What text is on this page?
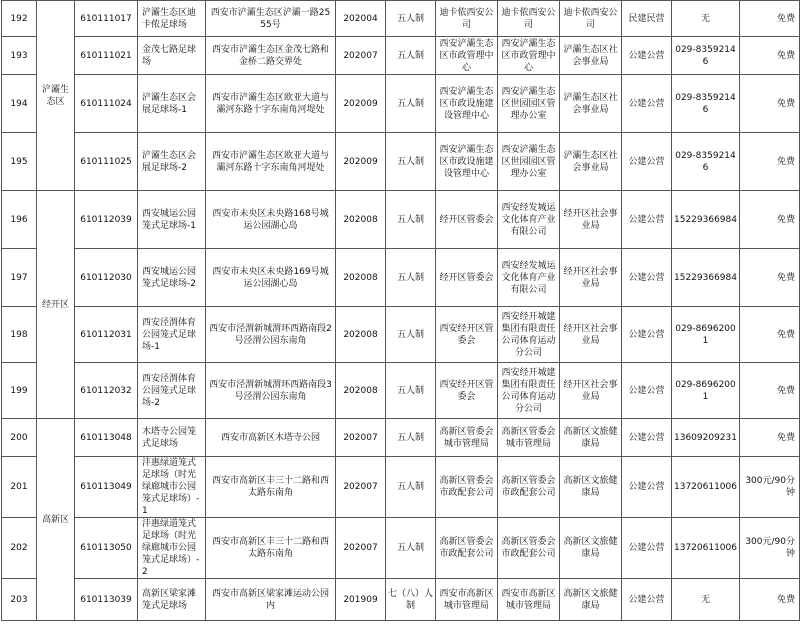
192	浐灞生态区	610111017	浐灞生态区迪卡侬足球场	西安市浐灞生态区浐灞一路2555号	202004	五人制	迪卡侬西安公司	迪卡侬西安公司	迪卡侬西安公司	民建民营	无	免费
193		610111021	金茂七路足球场	西安市浐灞生态区金茂七路和金桥二路交界处	202007	五人制	西安浐灞生态区市政管理中心	西安浐灞生态区市政管理中心	浐灞生态区社会事业局	公建公营	029-83592146	免费
194		610111024	浐灞生态区会展足球场-1	西安市浐灞生态区欧亚大道与灞河东路十字东南角河堤处	202009	五人制	西安浐灞生态区市政设施建设管理中心	西安浐灞生态区世园园区管理办公室	浐灞生态区社会事业局	公建公营	029-83592146	免费
195		610111025	浐灞生态区会展足球场-2	西安市浐灞生态区欧亚大道与灞河东路十字东南角河堤处	202009	五人制	西安浐灞生态区市政设施建设管理中心	西安浐灞生态区世园园区管理办公室	浐灞生态区社会事业局	公建公营	029-83592146	免费
196	经开区	610112039	西安城运公园笼式足球场-1	西安市未央区未央路168号城运公园湖心岛	202008	五人制	经开区管委会	西安经发城运文化体育产业有限公司	经开区社会事业局	公建公营	15229366984	免费
197		610112030	西安城运公园笼式足球场-2	西安市未央区未央路169号城运公园湖心岛	202008	五人制	经开区管委会	西安经发城运文化体育产业有限公司	经开区社会事业局	公建公营	15229366984	免费
198		610112031	西安泾渭体育公园笼式足球场-1	西安市泾渭新城渭环西路南段2号泾渭公园东南角	202008	五人制	西安经开区管委会	西安经开城建集团有限责任公司体育运动分公司	经开区社会事业局	公建公营	029-86962001	免费
199		610112032	西安泾渭体育公园笼式足球场-2	西安市泾渭新城渭环西路南段3号泾渭公园东南角	202008	五人制	西安经开区管委会	西安经开城建集团有限责任公司体育运动分公司	经开区社会事业局	公建公营	029-86962001	免费
200	高新区	610113048	木塔寺公园笼式足球场	西安市高新区木塔寺公园	202007	五人制	高新区管委会城市管理局	高新区管委会城市管理局	高新区文旅健康局	公建公营	13609209231	免费
201		610113049	沣惠绿道笼式足球场（时光绿廊城市公园笼式足球场）-1	西安市高新区丰三十二路和西太路东南角	202007	五人制	高新区管委会市政配套公司	高新区管委会市政配套公司	高新区文旅健康局	公建公营	13720611006	300元/90分钟
202		610113050	沣惠绿道笼式足球场（时光绿廊城市公园笼式足球场）-2	西安市高新区丰三十二路和西太路东南角	202007	五人制	高新区管委会市政配套公司	高新区管委会市政配套公司	高新区文旅健康局	公建公营	13720611006	300元/90分钟
203		610113039	高新区梁家滩笼式足球场	西安市高新区梁家滩运动公园内	201909	七（八）人制	西安市高新区城市管理局	西安市高新区城市管理局	高新区文旅健康局	公建公营	无	免费
